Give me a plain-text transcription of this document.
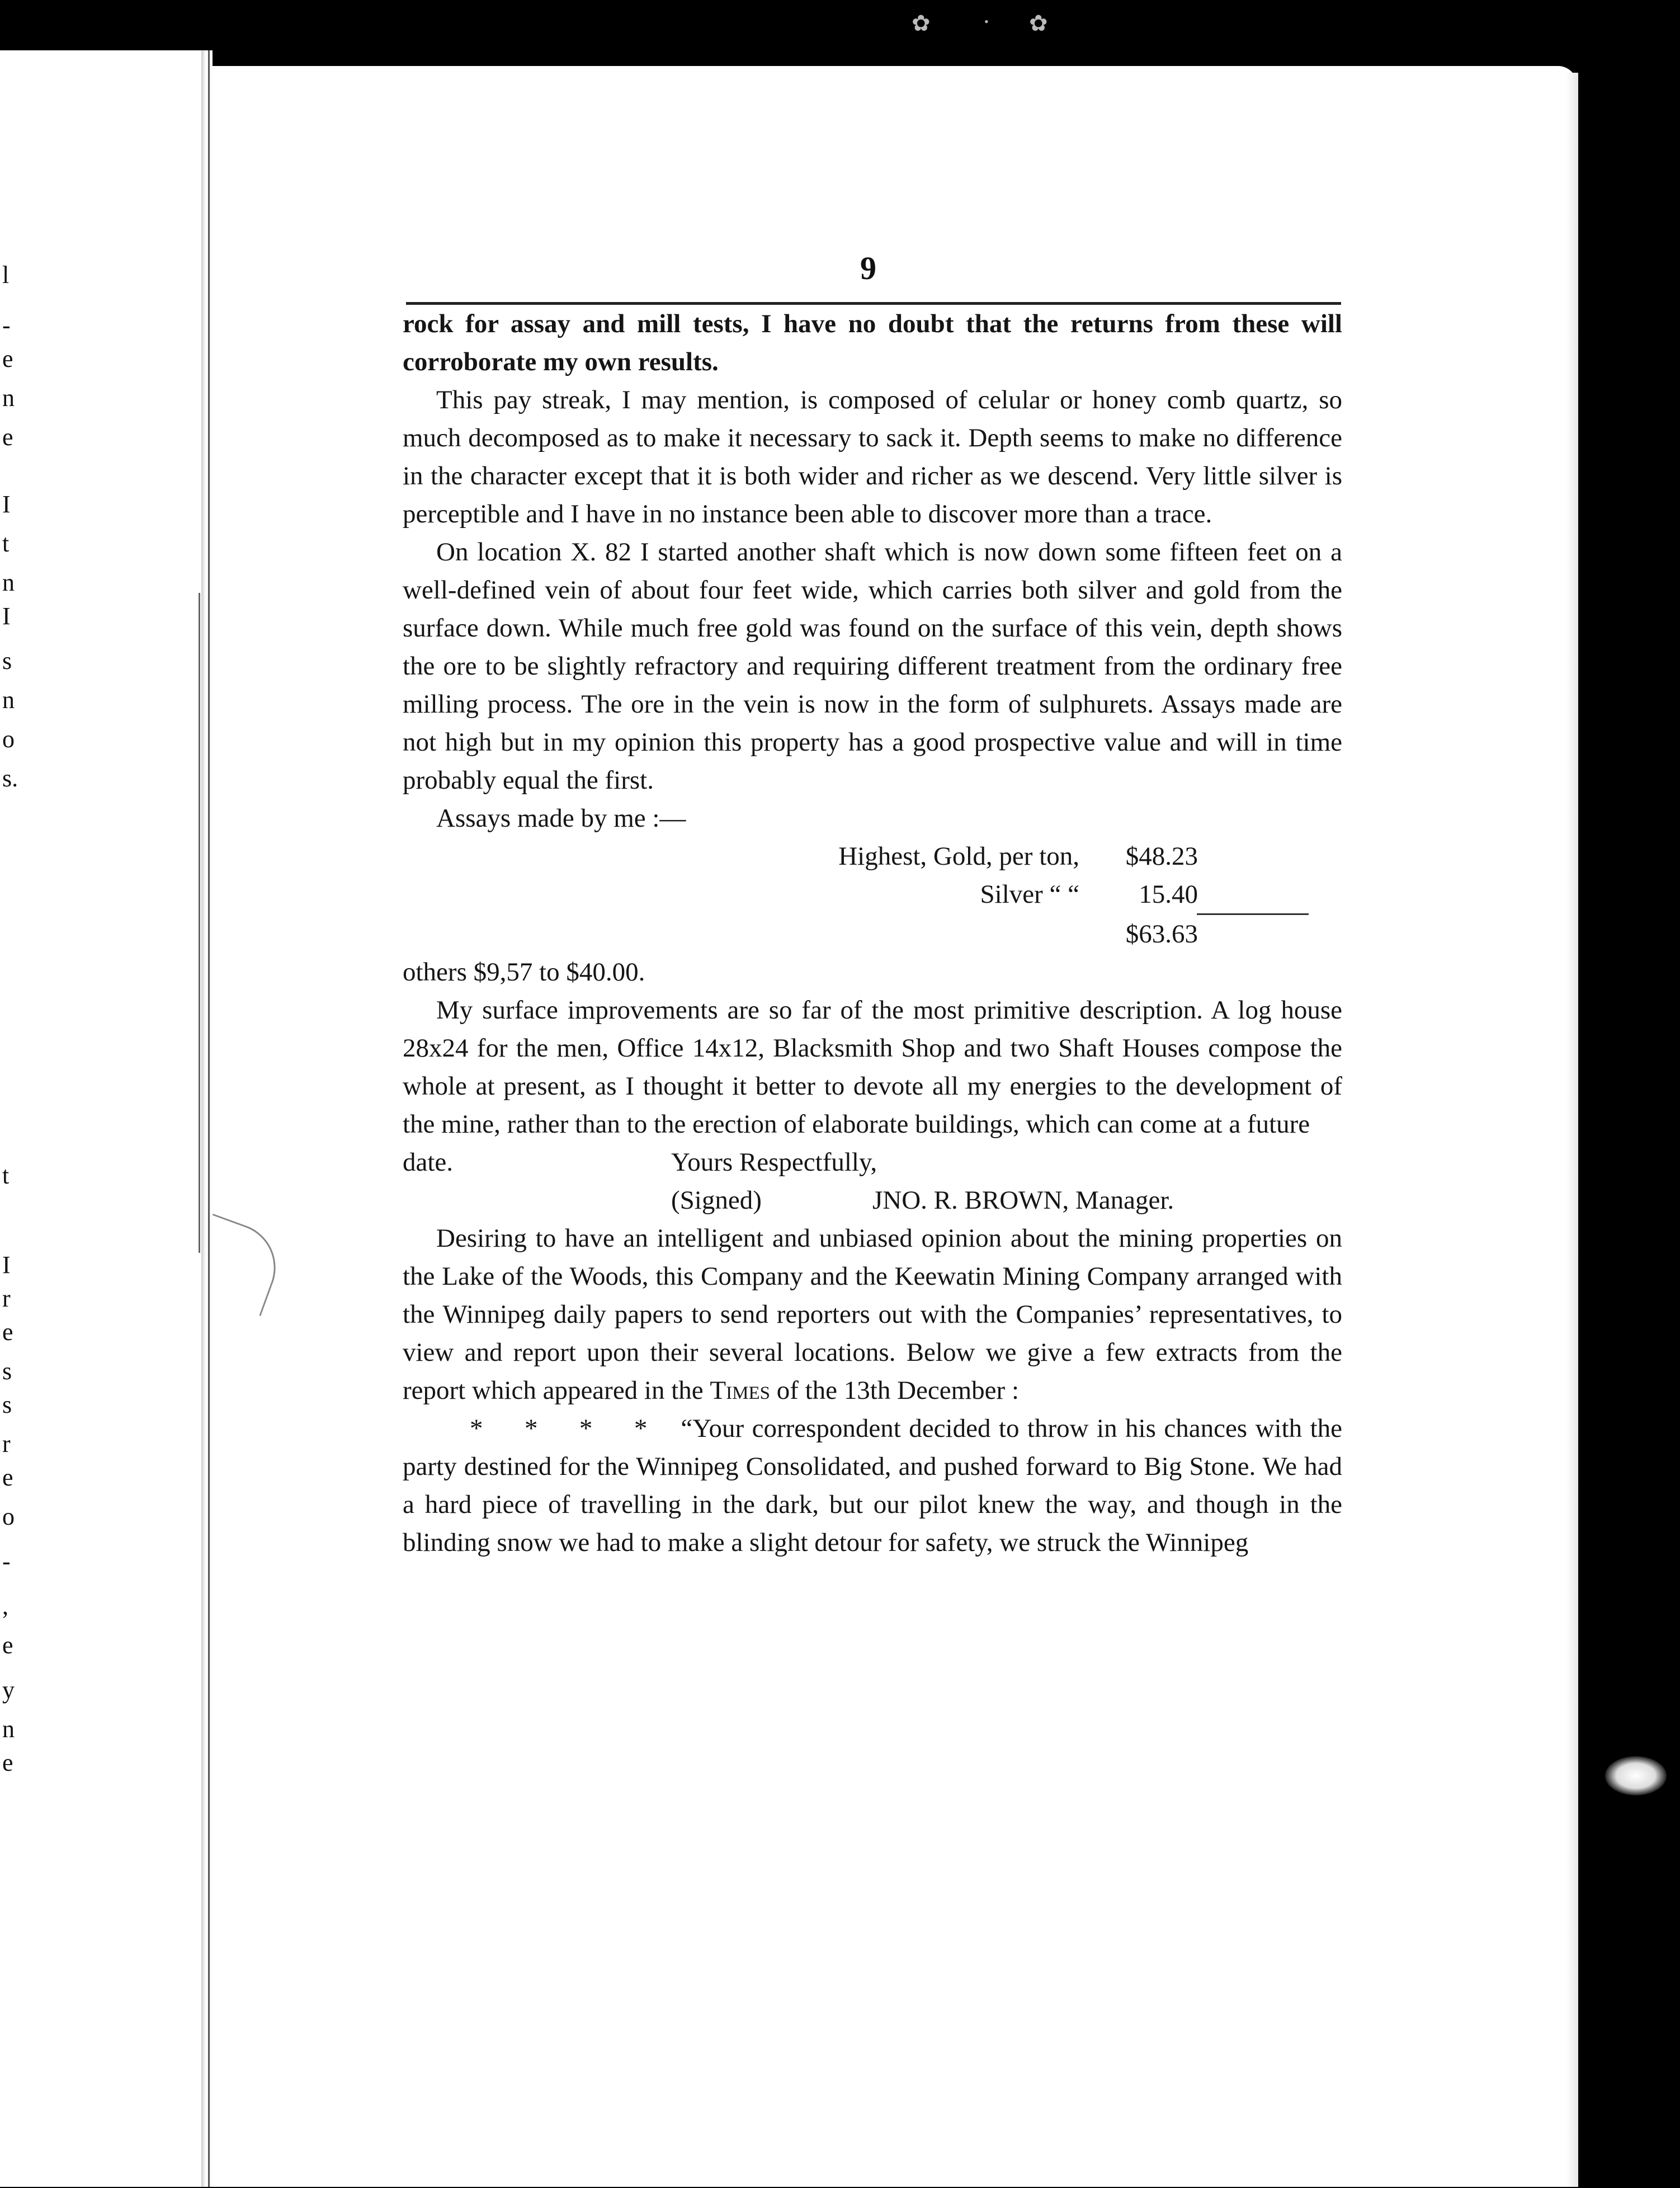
l
-
e
n
e
I
t
n
I
s
n
o
s.
t
I
r
e
s
s
r
e
o
-
,
e
y
n
e
✿	• ✿
9

rock for assay and mill tests, I have no doubt that the returns from these will corroborate my own results.

This pay streak, I may mention, is composed of celular or honey comb quartz, so much decomposed as to make it necessary to sack it. Depth seems to make no difference in the character except that it is both wider and richer as we descend. Very little silver is perceptible and I have in no instance been able to discover more than a trace.

On location X. 82 I started another shaft which is now down some fifteen feet on a well-defined vein of about four feet wide, which carries both silver and gold from the surface down. While much free gold was found on the surface of this vein, depth shows the ore to be slightly refractory and requiring different treatment from the ordinary free milling process. The ore in the vein is now in the form of sulphurets. Assays made are not high but in my opinion this property has a good prospective value and will in time probably equal the first.

Assays made by me :—

Highest, Gold, per ton,	$48.23
Silver “ “	15.40
$63.63

others $9,57 to $40.00.

My surface improvements are so far of the most primitive description. A log house 28x24 for the men, Office 14x12, Blacksmith Shop and two Shaft Houses compose the whole at present, as I thought it better to devote all my energies to the development of the mine, rather than to the erection of elaborate buildings, which can come at a future

date.	Yours Respectfully,

(Signed)	JNO. R. BROWN, Manager.

Desiring to have an intelligent and unbiased opinion about the mining properties on the Lake of the Woods, this Company and the Keewatin Mining Company arranged with the Winnipeg daily papers to send reporters out with the Companies’ representatives, to view and report upon their several locations. Below we give a few extracts from the report which appeared in the Times of the 13th December :

* * * * “Your correspondent decided to throw in his chances with the party destined for the Winnipeg Consolidated, and pushed forward to Big Stone. We had a hard piece of travelling in the dark, but our pilot knew the way, and though in the blinding snow we had to make a slight detour for safety, we struck the Winnipeg
